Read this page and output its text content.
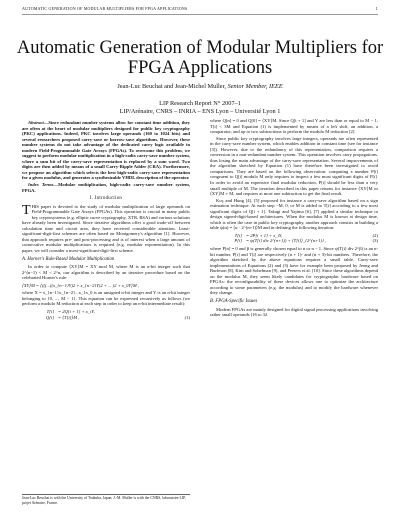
AUTOMATIC GENERATION OF MODULAR MULTIPLIERS FOR FPGA APPLICATIONS	1
Automatic Generation of Modular Multipliers for
FPGA Applications
Jean-Luc Beuchat and Jean-Michel Muller, Senior Member, IEEE
LIP Research Report N° 2007–1
LIP/Arénaire, CNRS – INRIA – ENS Lyon – Université Lyon 1

Abstract—Since redundant number systems allow for constant time addition, they are often at the heart of modular multipliers designed for public key cryptography (PKC) applications. Indeed, PKC involves large operands (160 to 1024 bits) and several researchers proposed carry-save or borrow-save algorithms. However, these number systems do not take advantage of the dedicated carry logic available in modern Field-Programmable Gate Arrays (FPGAs). To overcome this problem, we suggest to perform modular multiplication in a high-radix carry-save number system, where a sum bit of the carry-save representation is replaced by a sum word. Two digits are then added by means of a small Carry-Ripple Adder (CRA). Furthermore, we propose an algorithm which selects the best high-radix carry-save representation for a given modulus, and generates a synthesizable VHDL description of the operator.

Index Terms—Modular multiplication, high-radix carry-save number system, FPGA.

I. Introduction

THIS paper is devoted to the study of modular multiplication of large operands on Field-Programmable Gate Arrays (FPGAs). This operation is crucial in many public key cryptosystems (e.g. elliptic curve cryptography, XTR, RSA) and various solutions have already been investigated. Since iterative algorithms offer a good trade-off between calculation time and circuit area, they have received considerable attention. Least-significant-digit-first schemes are often based on Montgomery's algorithm [1]. However, that approach requires pre- and post-processing and is of interest when a large amount of consecutive modular multiplications is required (e.g. modular exponentiation). In this paper, we will consider a most-significant-digit-first scheme.

A. Horner's Rule-Based Modular Multiplication

In order to compute ⟨XY⟩M = XY mod M, where M is an n-bit integer such that 2^(n−1) < M < 2^n, our algorithm is described by an iterative procedure based on the celebrated Horner's rule:

⟨XY⟩M = ⟨(((...((x_{n−1}Y)2 + x_{n−2}Y)2 + ... )2 + x_0Y⟩M ,

where X = x_{n−1}x_{n−2}...x_1x_0 is an unsigned n-bit integer and Y is an n-bit integer belonging to {0, ..., M − 1}. This equation can be expressed recursively as follows (we perform a modulo M reduction at each step in order to keep an n-bit intermediate result):

T[i] = 2Q[i + 1] + x_iY,
Q[i] = ⟨T[i]⟩M ,	(1)
Jean-Luc Beuchat is with the University of Tsukuba, Japan. J.-M. Muller is with the CNRS, laboratoire LIP, projet Arénaire, France.

where Q[n] = 0 and Q[0] = ⟨XY⟩M. Since Q[i + 1] and Y are less than or equal to M − 1, T[i] < 3M and Equation (1) is implemented by means of a left shift, an addition, a comparator, and up to two subtractions to perform the modulo M reduction [2].

Since public key cryptography involves large integers, operands are often represented in the carry-save number system, which enables addition in constant time (see for instance [3]). However, due to the redundancy of this representation, comparison requires a conversion in a non-redundant number system. This operation involves carry propagations, thus losing the main advantage of the carry-save representation. Several improvements of the algorithm sketched by Equation (1) have therefore been investigated to avoid comparisons. They are based on the following observation: computing a number P[i] congruent to Q[i] modulo M only requires to inspect a few most significant digits of P[i]. In order to avoid an expensive final modular reduction, P[i] should be less than a very small multiple of M. The iteration described in this paper returns for instance ⟨XY⟩M or ⟨XY⟩M + M, and requires at most one subtraction to get the final result.

Koç and Hung [4], [5] proposed for instance a carry-save algorithm based on a sign estimation technique. At each step −M, 0, or M is added to T[i] according to a few most significant digits of Q[i + 1]. Takagi and Yajima [6], [7] applied a similar technique to design signed-digit-based architectures. When the modulus M is known at design time, which is often the case in public key cryptography, another approach consists in building a table ψ(α) = ⟨α · 2^(n+1)⟩M and in defining the following iteration:

T[i] = 2P[i + 1] + x_iY,	(2)
P[i] = ψ(T[i] div 2^(n+1)) + ⟨T[i]⟩_{2^(n+1)} ,	(3)

where P[n] = 0 and β is generally chosen equal to n or n − 1. Since ψ(T[i] div 2^β) is an n-bit number, P[i] and T[i] are respectively (n + 1)- and (n + 3)-bit numbers. Therefore, the algorithm sketched by the above equations requires a small table. Carry-save implementations of Equations (2) and (3) have for example been proposed by Jeong and Burleson [8], Kim and Sobelman [9], and Peeters et al. [10]. Since these algorithms depend on the modulus M, they seem likely candidates for cryptographic hardware based on FPGAs: the reconfigurability of these devices allows one to optimize the architecture according to some parameters (e.g. the modulus) and to modify the hardware whenever they change.

B. FPGA-Specific Issues

Modern FPGAs are mainly designed for digital signal processing applications involving rather small operands (16 to 32
